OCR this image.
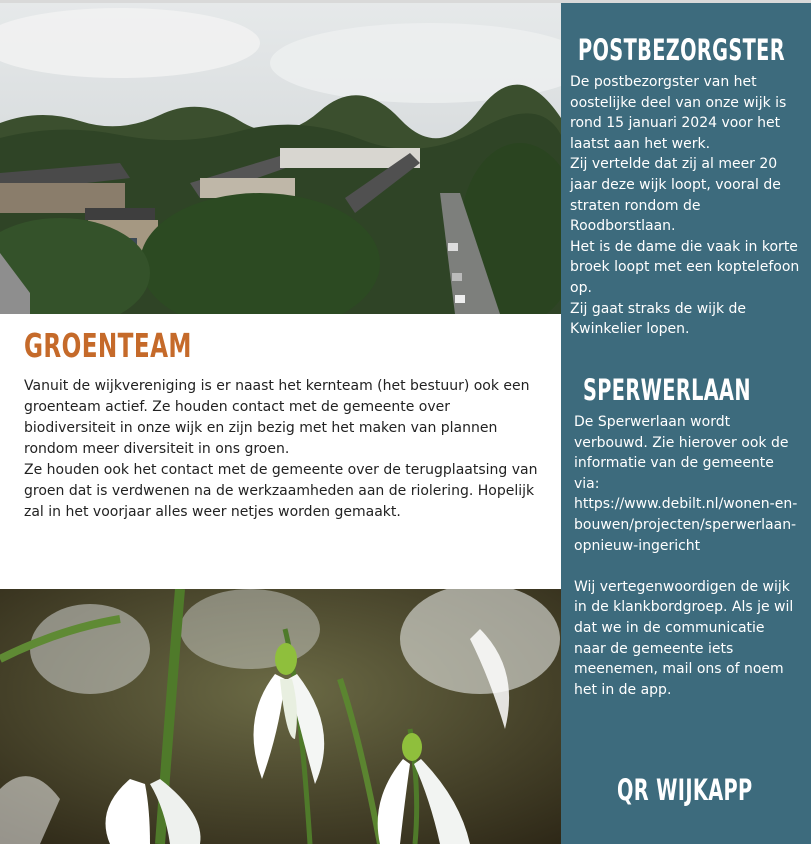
GROENTEAM

Vanuit de wijkvereniging is er naast het kernteam (het bestuur) ook een groenteam actief. Ze houden contact met de gemeente over biodiversiteit in onze wijk en zijn bezig met het maken van plannen rondom meer diversiteit in ons groen.

Ze houden ook het contact met de gemeente over de terugplaatsing van groen dat is verdwenen na de werkzaamheden aan de riolering. Hopelijk zal in het voorjaar alles weer netjes worden gemaakt.

POSTBEZORGSTER

De postbezorgster van het oostelijke deel van onze wijk is rond 15 januari 2024 voor het laatst aan het werk.

Zij vertelde dat zij al meer 20 jaar deze wijk loopt, vooral de straten rondom de Roodborstlaan.

Het is de dame die vaak in korte broek loopt met een koptelefoon op.

Zij gaat straks de wijk de Kwinkelier lopen.

SPERWERLAAN

De Sperwerlaan wordt verbouwd. Zie hierover ook de informatie van de gemeente via:

https://www.debilt.nl/wonen-en-bouwen/projecten/sperwerlaan-opnieuw-ingericht

Wij vertegenwoordigen de wijk in de klankbordgroep. Als je wil dat we in de communicatie naar de gemeente iets meenemen, mail ons of noem het in de app.

QR WIJKAPP
